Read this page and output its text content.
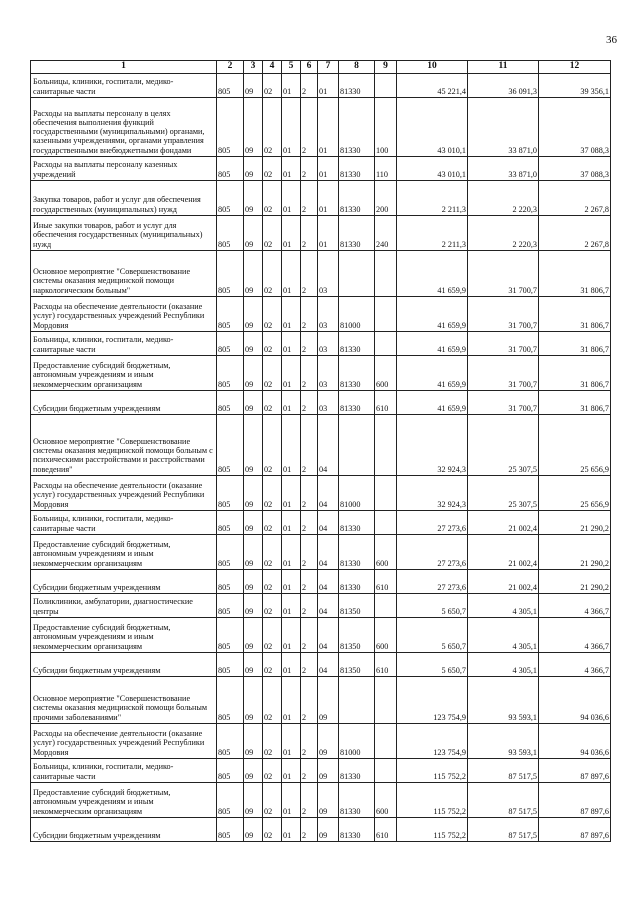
36
1	2	3	4	5	6	7	8	9	10	11	12
Больницы, клиники, госпитали, медико-санитарные части	805	09	02	01	2	01	81330		45 221,4	36 091,3	39 356,1
Расходы на выплаты персоналу в целях обеспечения выполнения функций государственными (муниципальными) органами, казенными учреждениями, органами управления государственными внебюджетными фондами	805	09	02	01	2	01	81330	100	43 010,1	33 871,0	37 088,3
Расходы на выплаты персоналу казенных учреждений	805	09	02	01	2	01	81330	110	43 010,1	33 871,0	37 088,3
Закупка товаров, работ и услуг для обеспечения государственных (муниципальных) нужд	805	09	02	01	2	01	81330	200	2 211,3	2 220,3	2 267,8
Иные закупки товаров, работ и услуг для обеспечения государственных (муниципальных) нужд	805	09	02	01	2	01	81330	240	2 211,3	2 220,3	2 267,8
Основное мероприятие "Совершенствование системы оказания медицинской помощи наркологическим больным"	805	09	02	01	2	03			41 659,9	31 700,7	31 806,7
Расходы на обеспечение деятельности (оказание услуг) государственных учреждений Республики Мордовия	805	09	02	01	2	03	81000		41 659,9	31 700,7	31 806,7
Больницы, клиники, госпитали, медико-санитарные части	805	09	02	01	2	03	81330		41 659,9	31 700,7	31 806,7
Предоставление субсидий бюджетным, автономным учреждениям и иным некоммерческим организациям	805	09	02	01	2	03	81330	600	41 659,9	31 700,7	31 806,7
Субсидии бюджетным учреждениям	805	09	02	01	2	03	81330	610	41 659,9	31 700,7	31 806,7
Основное мероприятие "Совершенствование системы оказания медицинской помощи больным с психическими расстройствами и расстройствами поведения"	805	09	02	01	2	04			32 924,3	25 307,5	25 656,9
Расходы на обеспечение деятельности (оказание услуг) государственных учреждений Республики Мордовия	805	09	02	01	2	04	81000		32 924,3	25 307,5	25 656,9
Больницы, клиники, госпитали, медико-санитарные части	805	09	02	01	2	04	81330		27 273,6	21 002,4	21 290,2
Предоставление субсидий бюджетным, автономным учреждениям и иным некоммерческим организациям	805	09	02	01	2	04	81330	600	27 273,6	21 002,4	21 290,2
Субсидии бюджетным учреждениям	805	09	02	01	2	04	81330	610	27 273,6	21 002,4	21 290,2
Поликлиники, амбулатории, диагностические центры	805	09	02	01	2	04	81350		5 650,7	4 305,1	4 366,7
Предоставление субсидий бюджетным, автономным учреждениям и иным некоммерческим организациям	805	09	02	01	2	04	81350	600	5 650,7	4 305,1	4 366,7
Субсидии бюджетным учреждениям	805	09	02	01	2	04	81350	610	5 650,7	4 305,1	4 366,7
Основное мероприятие "Совершенствование системы оказания медицинской помощи больным прочими заболеваниями"	805	09	02	01	2	09			123 754,9	93 593,1	94 036,6
Расходы на обеспечение деятельности (оказание услуг) государственных учреждений Республики Мордовия	805	09	02	01	2	09	81000		123 754,9	93 593,1	94 036,6
Больницы, клиники, госпитали, медико-санитарные части	805	09	02	01	2	09	81330		115 752,2	87 517,5	87 897,6
Предоставление субсидий бюджетным, автономным учреждениям и иным некоммерческим организациям	805	09	02	01	2	09	81330	600	115 752,2	87 517,5	87 897,6
Субсидии бюджетным учреждениям	805	09	02	01	2	09	81330	610	115 752,2	87 517,5	87 897,6
